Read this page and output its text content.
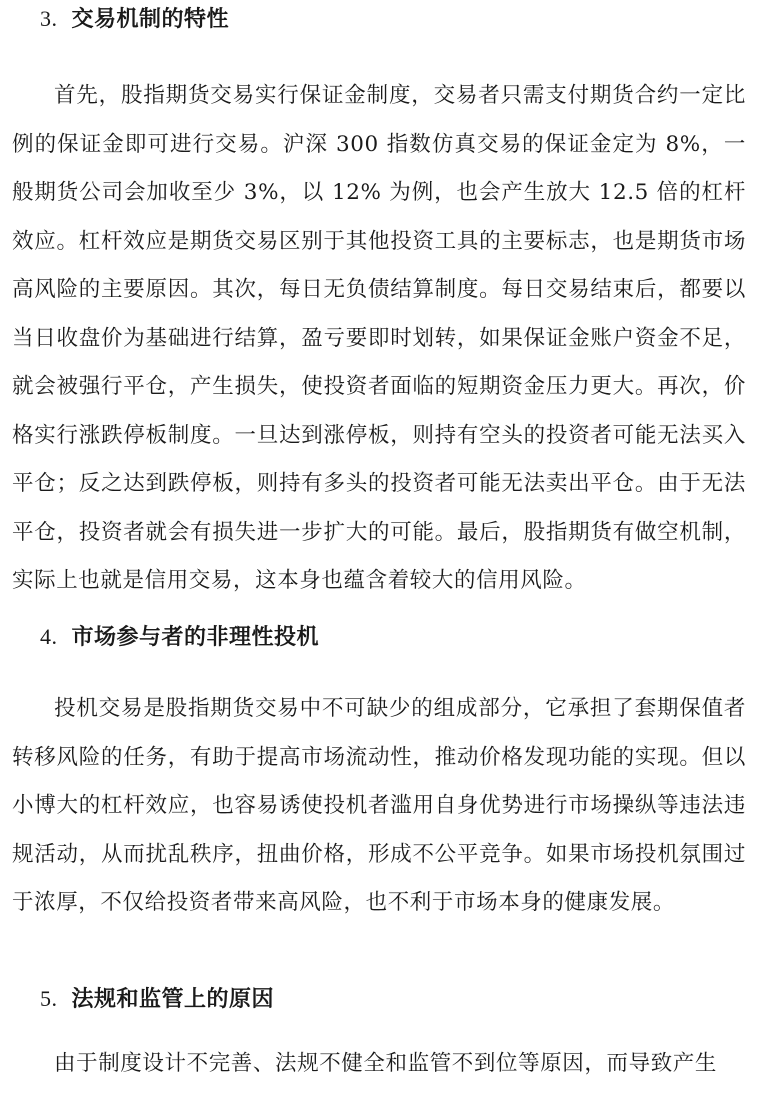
3. 交易机制的特性

首先，股指期货交易实行保证金制度，交易者只需支付期货合约一定比例的保证金即可进行交易。沪深 300 指数仿真交易的保证金定为 8%，一般期货公司会加收至少 3%，以 12% 为例，也会产生放大 12.5 倍的杠杆效应。杠杆效应是期货交易区别于其他投资工具的主要标志，也是期货市场高风险的主要原因。其次，每日无负债结算制度。每日交易结束后，都要以当日收盘价为基础进行结算，盈亏要即时划转，如果保证金账户资金不足，就会被强行平仓，产生损失，使投资者面临的短期资金压力更大。再次，价格实行涨跌停板制度。一旦达到涨停板，则持有空头的投资者可能无法买入平仓；反之达到跌停板，则持有多头的投资者可能无法卖出平仓。由于无法平仓，投资者就会有损失进一步扩大的可能。最后，股指期货有做空机制，实际上也就是信用交易，这本身也蕴含着较大的信用风险。

4. 市场参与者的非理性投机

投机交易是股指期货交易中不可缺少的组成部分，它承担了套期保值者转移风险的任务，有助于提高市场流动性，推动价格发现功能的实现。但以小博大的杠杆效应，也容易诱使投机者滥用自身优势进行市场操纵等违法违规活动，从而扰乱秩序，扭曲价格，形成不公平竞争。如果市场投机氛围过于浓厚，不仅给投资者带来高风险，也不利于市场本身的健康发展。

5. 法规和监管上的原因

由于制度设计不完善、法规不健全和监管不到位等原因，而导致产生
